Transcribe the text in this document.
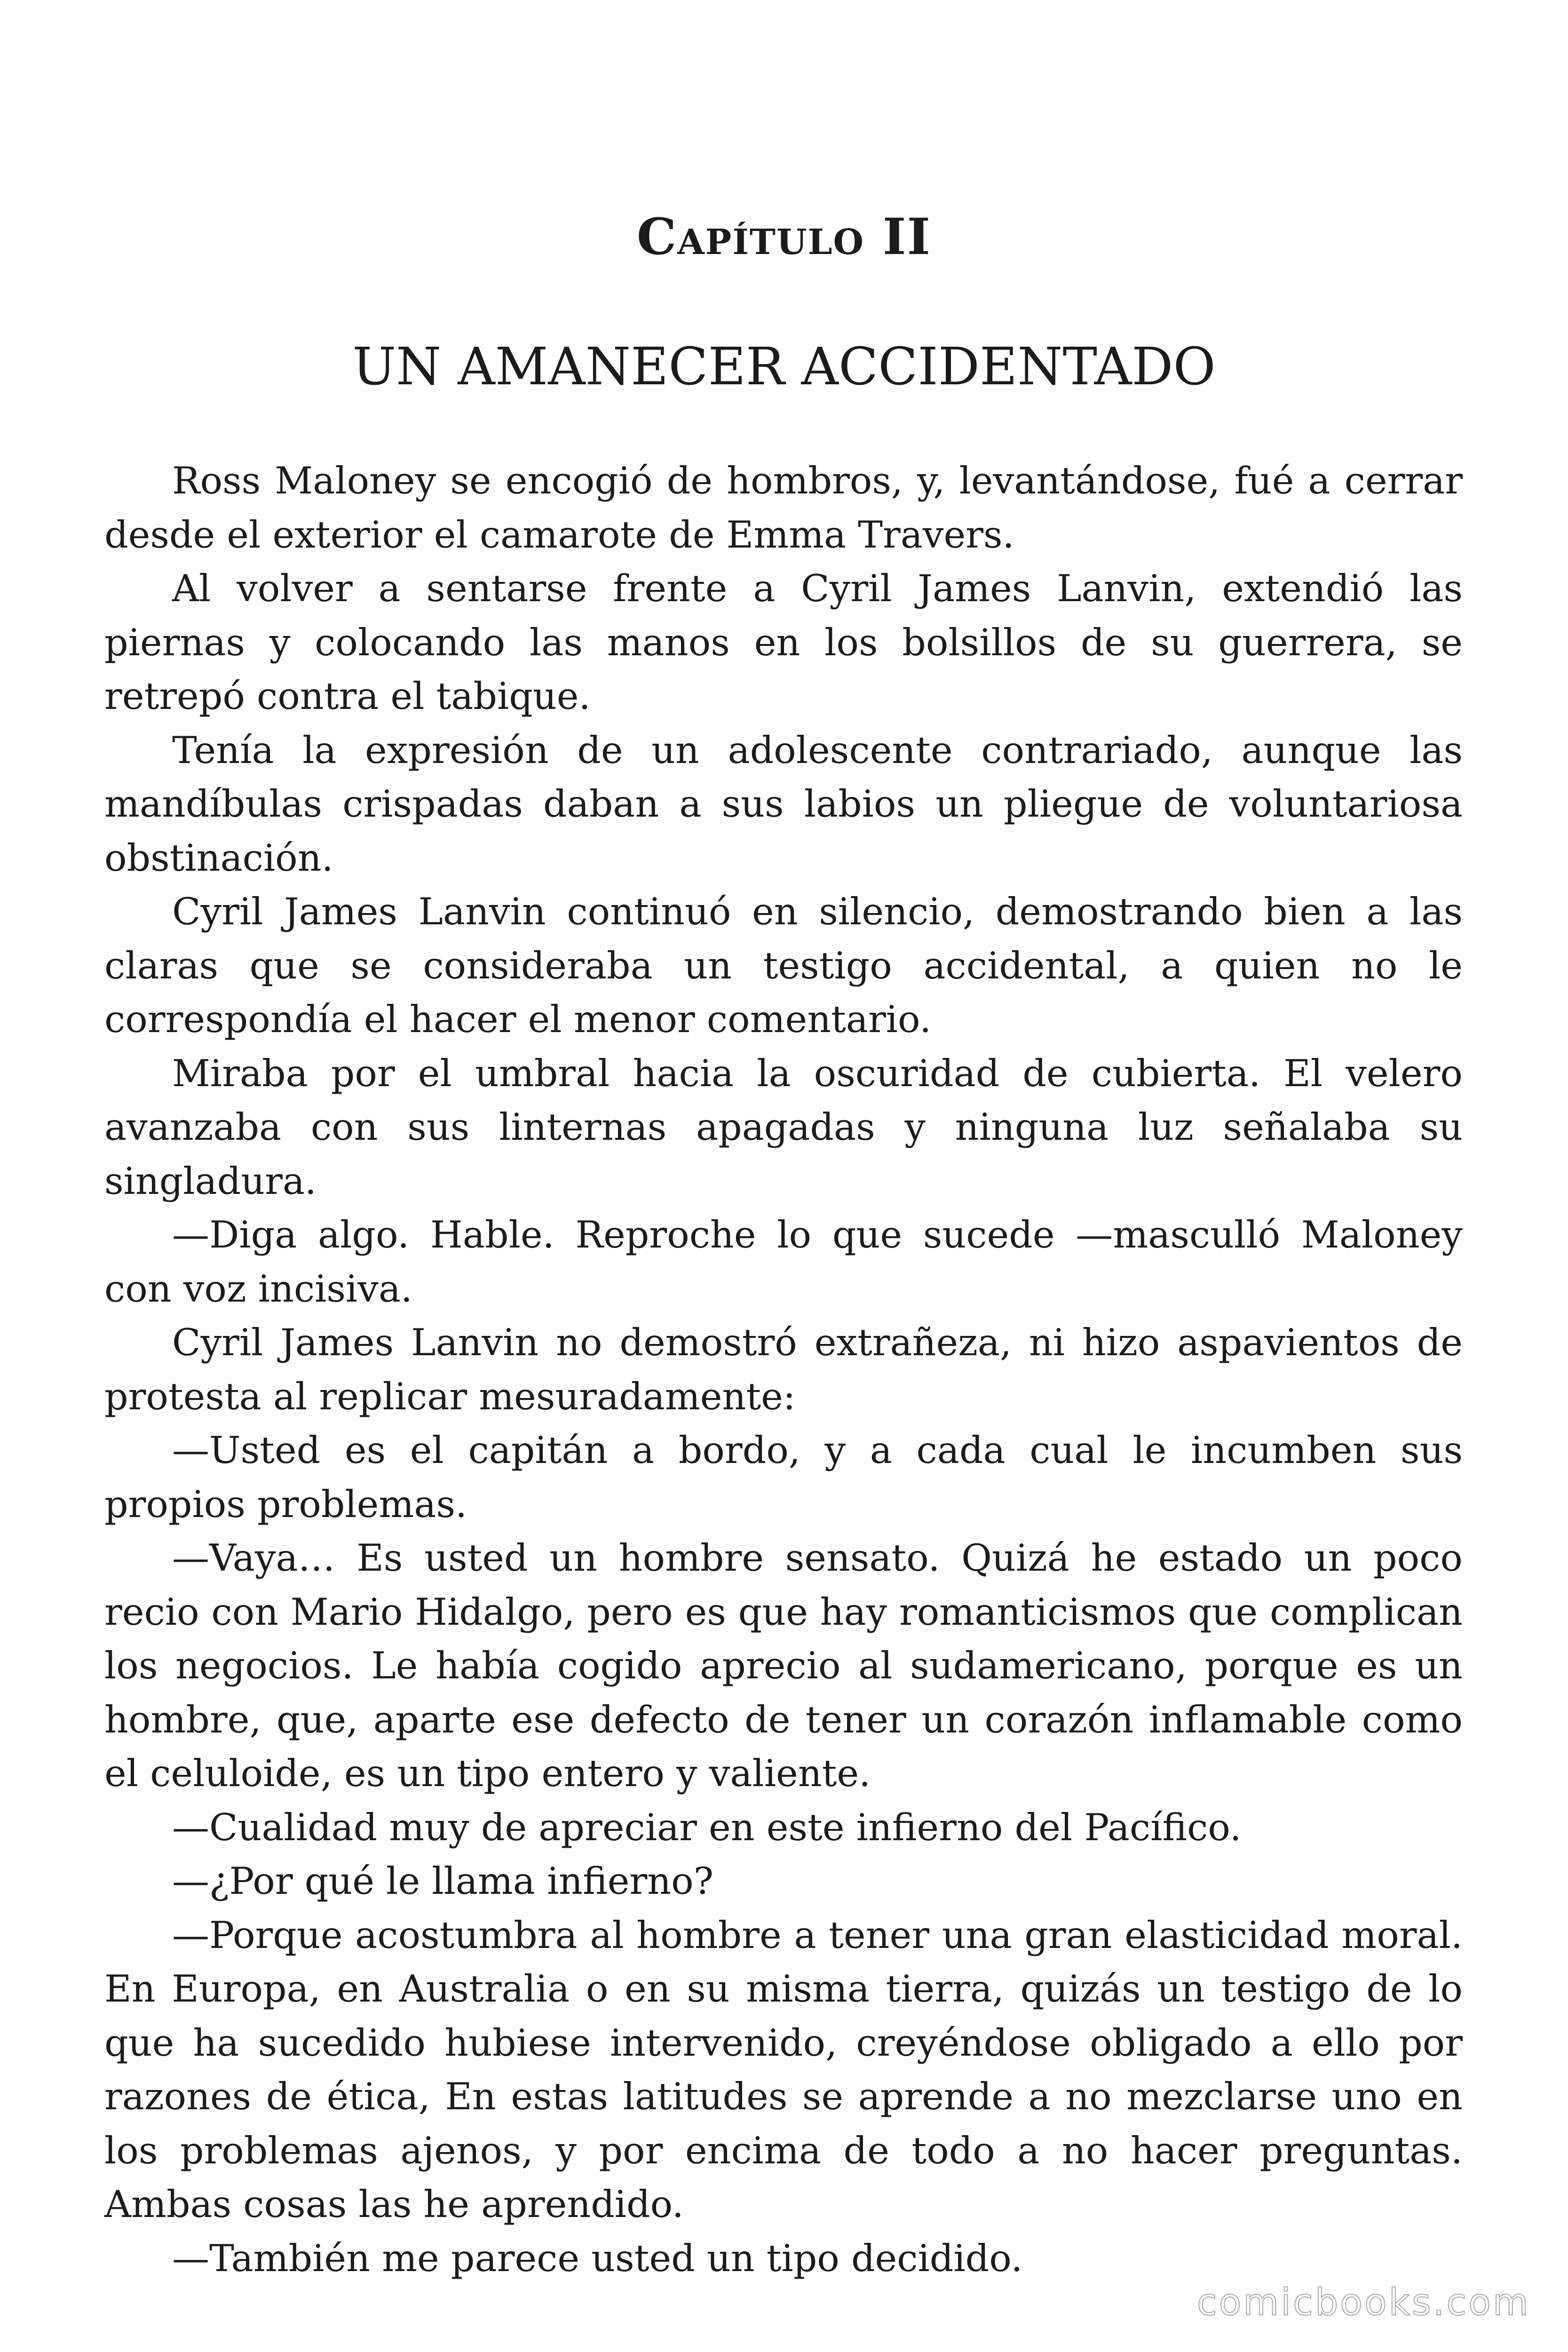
Capítulo II
UN AMANECER ACCIDENTADO

Ross Maloney se encogió de hombros, y, levantándose, fué a cerrar desde el exterior el camarote de Emma Travers.

Al volver a sentarse frente a Cyril James Lanvin, extendió las piernas y colocando las manos en los bolsillos de su guerrera, se retrepó contra el tabique.

Tenía la expresión de un adolescente contrariado, aunque las mandíbulas crispadas daban a sus labios un pliegue de voluntariosa obstinación.

Cyril James Lanvin continuó en silencio, demostrando bien a las claras que se consideraba un testigo accidental, a quien no le correspondía el hacer el menor comentario.

Miraba por el umbral hacia la oscuridad de cubierta. El velero avanzaba con sus linternas apagadas y ninguna luz señalaba su singladura.

—Diga algo. Hable. Reproche lo que sucede —masculló Maloney con voz incisiva.

Cyril James Lanvin no demostró extrañeza, ni hizo aspavientos de protesta al replicar mesuradamente:

—Usted es el capitán a bordo, y a cada cual le incumben sus propios problemas.

—Vaya… Es usted un hombre sensato. Quizá he estado un poco recio con Mario Hidalgo, pero es que hay romanticismos que complican los negocios. Le había cogido aprecio al sudamericano, porque es un hombre, que, aparte ese defecto de tener un corazón inflamable como el celuloide, es un tipo entero y valiente.

—Cualidad muy de apreciar en este infierno del Pacífico.

—¿Por qué le llama infierno?

—Porque acostumbra al hombre a tener una gran elasticidad moral. En Europa, en Australia o en su misma tierra, quizás un testigo de lo que ha sucedido hubiese intervenido, creyéndose obligado a ello por razones de ética, En estas latitudes se aprende a no mezclarse uno en los problemas ajenos, y por encima de todo a no hacer preguntas. Ambas cosas las he aprendido.

—También me parece usted un tipo decidido.

comicbooks.com
